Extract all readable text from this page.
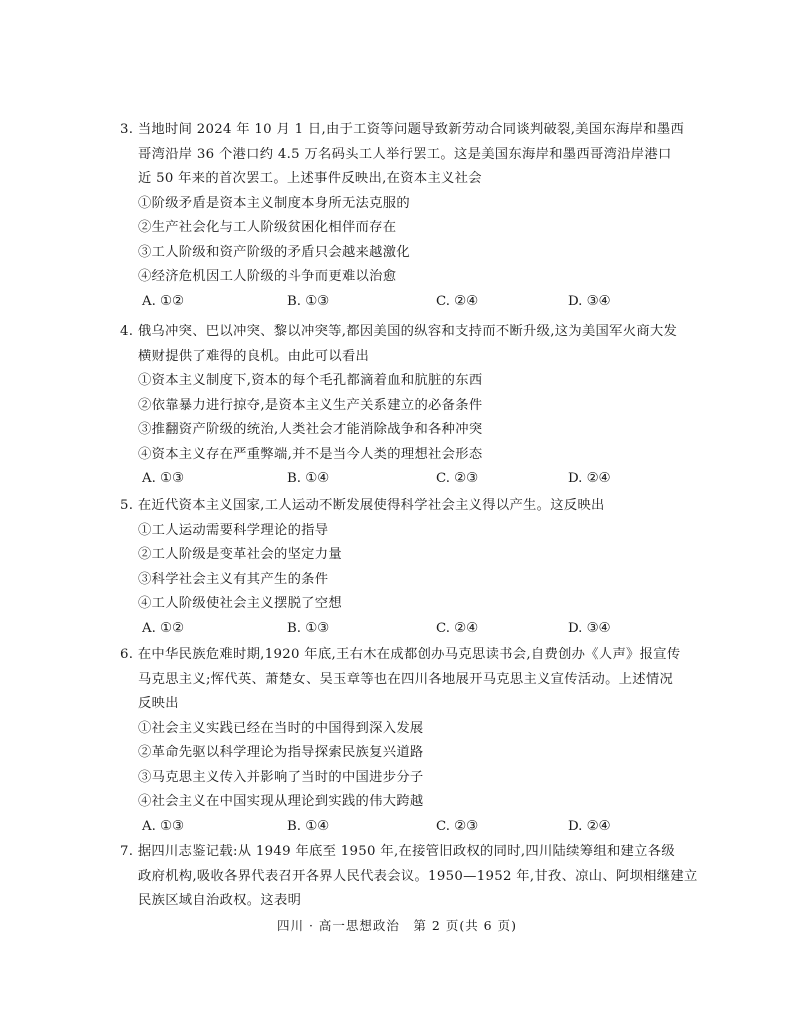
3. 当地时间 2024 年 10 月 1 日,由于工资等问题导致新劳动合同谈判破裂,美国东海岸和墨西
哥湾沿岸 36 个港口约 4.5 万名码头工人举行罢工。这是美国东海岸和墨西哥湾沿岸港口
近 50 年来的首次罢工。上述事件反映出,在资本主义社会
①阶级矛盾是资本主义制度本身所无法克服的
②生产社会化与工人阶级贫困化相伴而存在
③工人阶级和资产阶级的矛盾只会越来越激化
④经济危机因工人阶级的斗争而更难以治愈
A. ①②	B. ①③	C. ②④	D. ③④
4. 俄乌冲突、巴以冲突、黎以冲突等,都因美国的纵容和支持而不断升级,这为美国军火商大发
横财提供了难得的良机。由此可以看出
①资本主义制度下,资本的每个毛孔都滴着血和肮脏的东西
②依靠暴力进行掠夺,是资本主义生产关系建立的必备条件
③推翻资产阶级的统治,人类社会才能消除战争和各种冲突
④资本主义存在严重弊端,并不是当今人类的理想社会形态
A. ①③	B. ①④	C. ②③	D. ②④
5. 在近代资本主义国家,工人运动不断发展使得科学社会主义得以产生。这反映出
①工人运动需要科学理论的指导
②工人阶级是变革社会的坚定力量
③科学社会主义有其产生的条件
④工人阶级使社会主义摆脱了空想
A. ①②	B. ①③	C. ②④	D. ③④
6. 在中华民族危难时期,1920 年底,王右木在成都创办马克思读书会,自费创办《人声》报宣传
马克思主义;恽代英、萧楚女、吴玉章等也在四川各地展开马克思主义宣传活动。上述情况
反映出
①社会主义实践已经在当时的中国得到深入发展
②革命先驱以科学理论为指导探索民族复兴道路
③马克思主义传入并影响了当时的中国进步分子
④社会主义在中国实现从理论到实践的伟大跨越
A. ①③	B. ①④	C. ②③	D. ②④
7. 据四川志鉴记载:从 1949 年底至 1950 年,在接管旧政权的同时,四川陆续筹组和建立各级
政府机构,吸收各界代表召开各界人民代表会议。1950—1952 年,甘孜、凉山、阿坝相继建立
民族区域自治政权。这表明
四川 · 高一思想政治　第 2 页(共 6 页)
